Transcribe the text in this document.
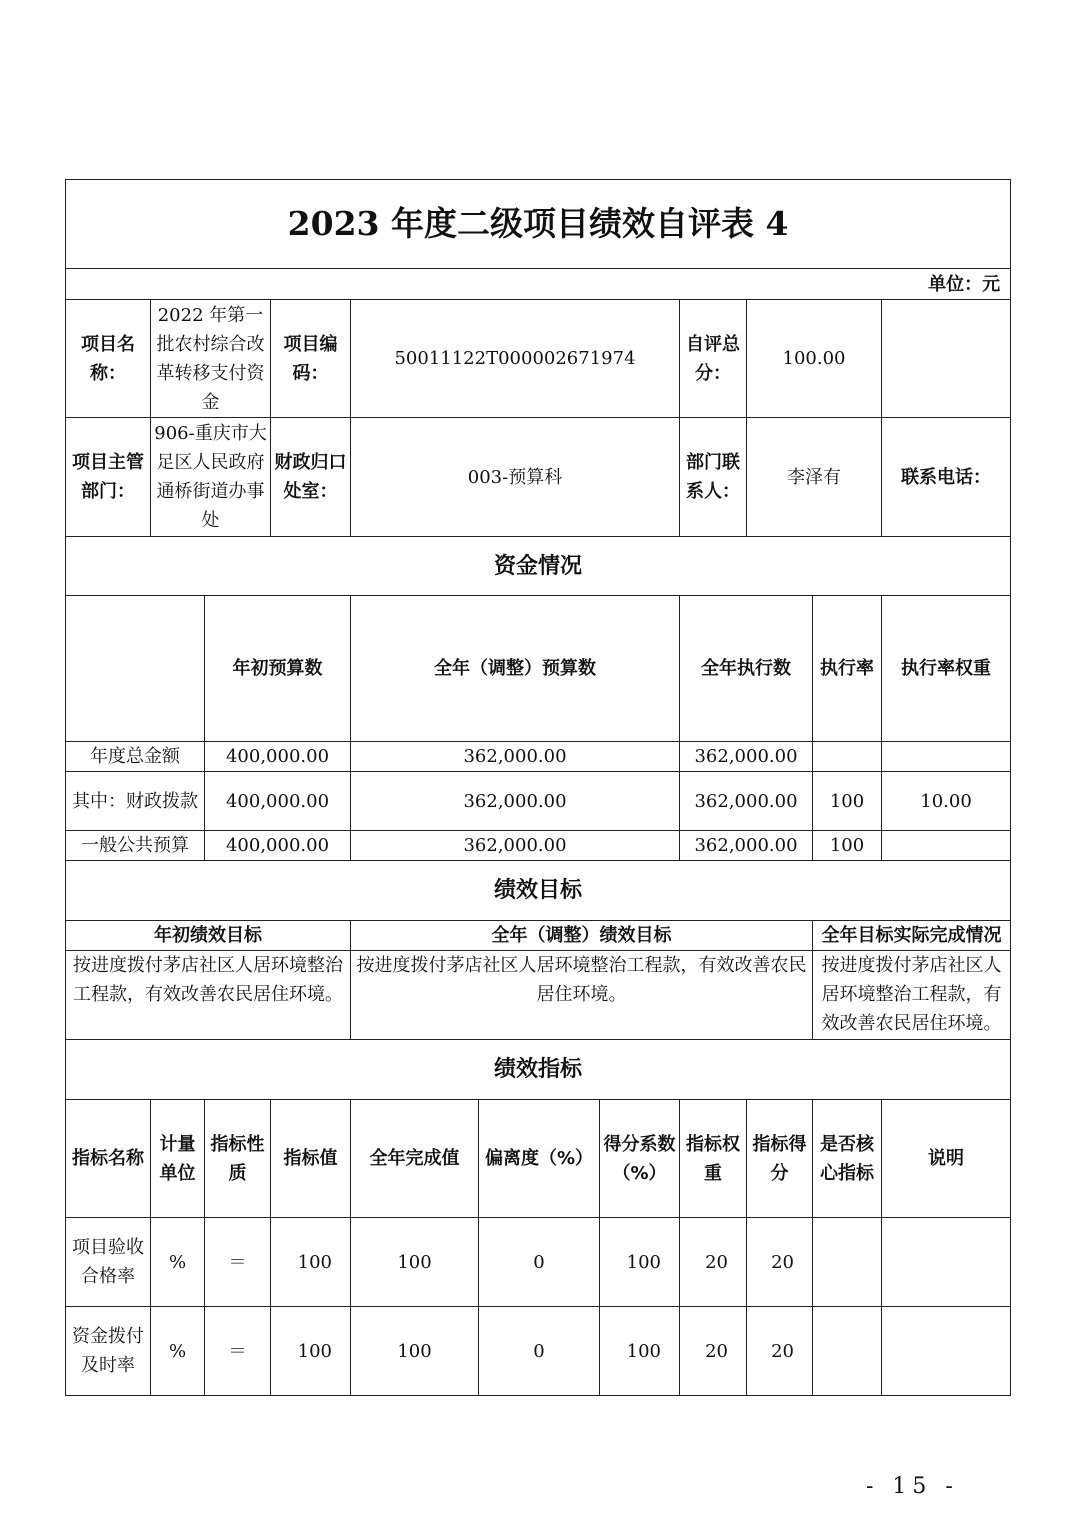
2023 年度二级项目绩效自评表 4											
单位：元											
项目名称：	2022 年第一批农村综合改革转移支付资金		项目编码：	50011122T000002671974			自评总分：	100.00			
项目主管部门：	906-重庆市大足区人民政府通桥街道办事处		财政归口处室：	003-预算科			部门联系人：	李泽有		联系电话：	
资金情况											
		年初预算数		全年（调整）预算数			全年执行数		执行率	执行率权重	
年度总金额		400,000.00		362,000.00			362,000.00				
其中：财政拨款		400,000.00		362,000.00			362,000.00		100	10.00	
一般公共预算		400,000.00		362,000.00			362,000.00		100		
绩效目标											
年初绩效目标				全年（调整）绩效目标					全年目标实际完成情况		
按进度拨付茅店社区人居环境整治工程款，有效改善农民居住环境。				按进度拨付茅店社区人居环境整治工程款，有效改善农民居住环境。					按进度拨付茅店社区人居环境整治工程款，有效改善农民居住环境。		
绩效指标											
指标名称	计量单位	指标性质	指标值	全年完成值	偏离度（%）	得分系数（%）	指标权重	指标得分	是否核心指标	说明	
项目验收合格率	%	＝	100	100	0	100	20	20			
资金拨付及时率	%	＝	100	100	0	100	20	20			
- 15 -
